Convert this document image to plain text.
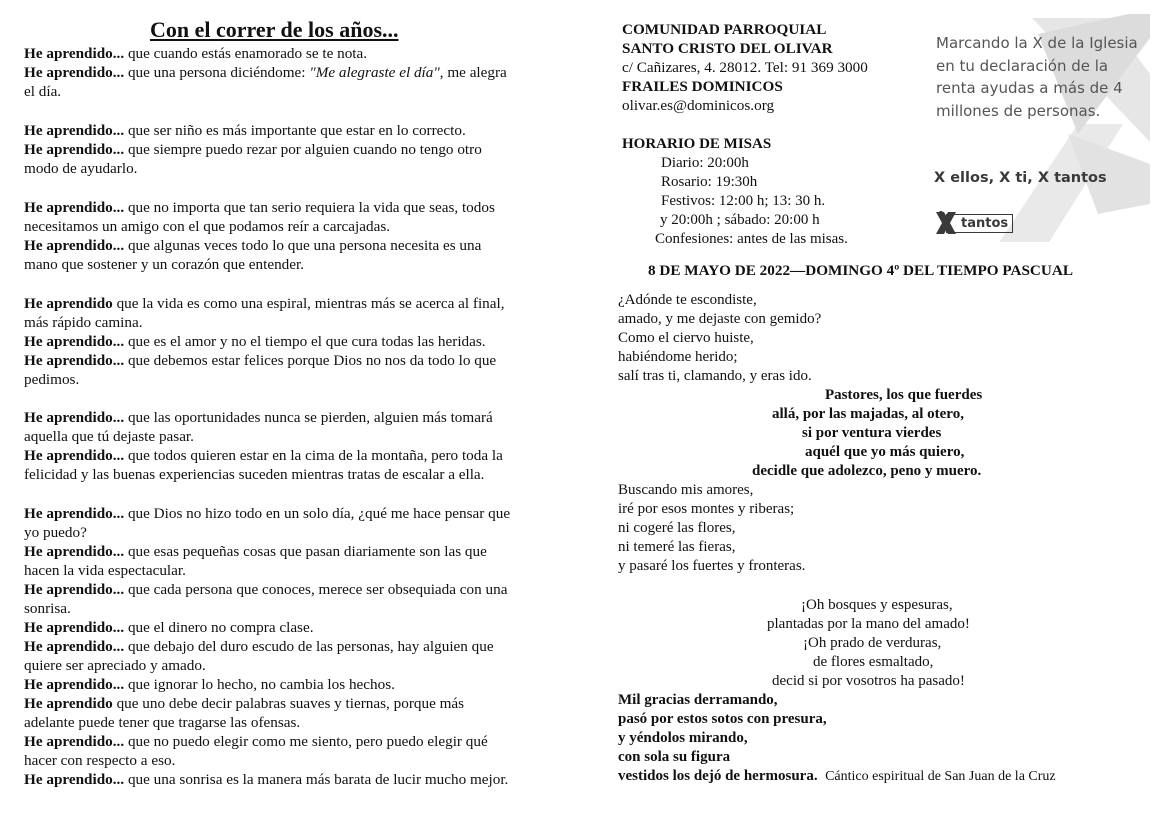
Con el correr de los años...
He aprendido... que cuando estás enamorado se te nota.
He aprendido... que una persona diciéndome: "Me alegraste el día", me alegra
el día.
He aprendido... que ser niño es más importante que estar en lo correcto.
He aprendido... que siempre puedo rezar por alguien cuando no tengo otro
modo de ayudarlo.
He aprendido... que no importa que tan serio requiera la vida que seas, todos
necesitamos un amigo con el que podamos reír a carcajadas.
He aprendido... que algunas veces todo lo que una persona necesita es una
mano que sostener y un corazón que entender.
He aprendido que la vida es como una espiral, mientras más se acerca al final,
más rápido camina.
He aprendido... que es el amor y no el tiempo el que cura todas las heridas.
He aprendido... que debemos estar felices porque Dios no nos da todo lo que
pedimos.
He aprendido... que las oportunidades nunca se pierden, alguien más tomará
aquella que tú dejaste pasar.
He aprendido... que todos quieren estar en la cima de la montaña, pero toda la
felicidad y las buenas experiencias suceden mientras tratas de escalar a ella.
He aprendido... que Dios no hizo todo en un solo día, ¿qué me hace pensar que
yo puedo?
He aprendido... que esas pequeñas cosas que pasan diariamente son las que
hacen la vida espectacular.
He aprendido... que cada persona que conoces, merece ser obsequiada con una
sonrisa.
He aprendido... que el dinero no compra clase.
He aprendido... que debajo del duro escudo de las personas, hay alguien que
quiere ser apreciado y amado.
He aprendido... que ignorar lo hecho, no cambia los hechos.
He aprendido que uno debe decir palabras suaves y tiernas, porque más
adelante puede tener que tragarse las ofensas.
He aprendido... que no puedo elegir como me siento, pero puedo elegir qué
hacer con respecto a eso.
He aprendido... que una sonrisa es la manera más barata de lucir mucho mejor.
COMUNIDAD PARROQUIAL
SANTO CRISTO DEL OLIVAR
c/ Cañizares, 4. 28012. Tel: 91 369 3000
FRAILES DOMINICOS
olivar.es@dominicos.org
HORARIO DE MISAS
Diario: 20:00h
Rosario: 19:30h
Festivos: 12:00 h; 13: 30 h.
y 20:00h ; sábado: 20:00 h
Confesiones: antes de las misas.
Marcando la X de la Iglesia en tu declaración de la renta ayudas a más de 4 millones de personas.
X ellos, X ti, X tantos
tantos
8 DE MAYO DE 2022—DOMINGO 4º DEL TIEMPO PASCUAL
¿Adónde te escondiste,
amado, y me dejaste con gemido?
Como el ciervo huiste,
habiéndome herido;
salí tras ti, clamando, y eras ido.
Pastores, los que fuerdes
allá, por las majadas, al otero,
si por ventura vierdes
aquél que yo más quiero,
decidle que adolezco, peno y muero.
Buscando mis amores,
iré por esos montes y riberas;
ni cogeré las flores,
ni temeré las fieras,
y pasaré los fuertes y fronteras.
¡Oh bosques y espesuras,
plantadas por la mano del amado!
¡Oh prado de verduras,
de flores esmaltado,
decid si por vosotros ha pasado!
Mil gracias derramando,
pasó por estos sotos con presura,
y yéndolos mirando,
con sola su figura
vestidos los dejó de hermosura. Cántico espiritual de San Juan de la Cruz
